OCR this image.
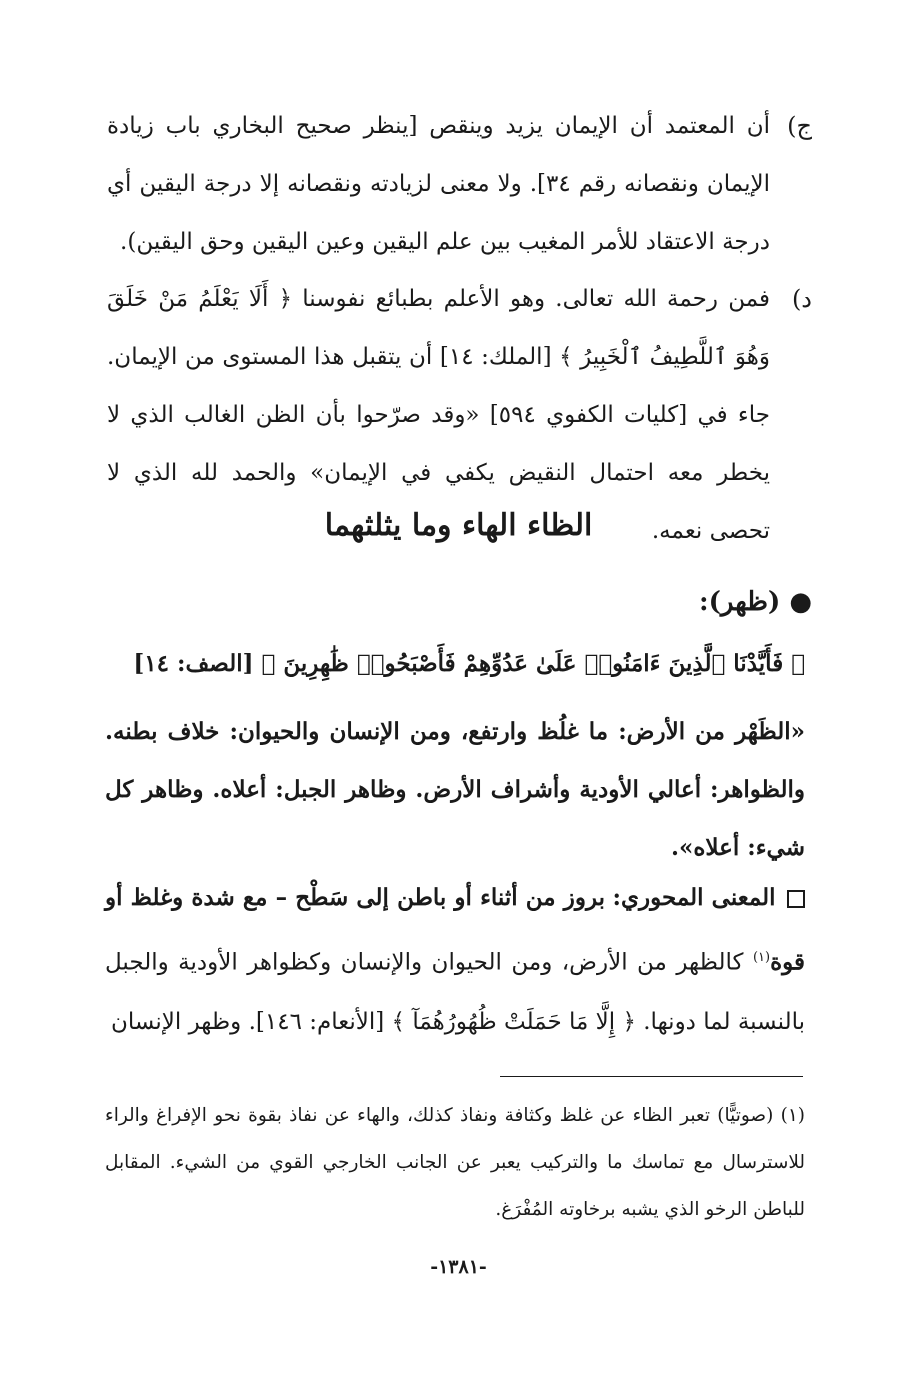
ج)
أن المعتمد أن الإيمان يزيد وينقص [ينظر صحيح البخاري باب زيادة الإيمان ونقصانه رقم ٣٤]. ولا معنى لزيادته ونقصانه إلا درجة اليقين أي درجة الاعتقاد للأمر المغيب بين علم اليقين وعين اليقين وحق اليقين).
د)
فمن رحمة الله تعالى. وهو الأعلم بطبائع نفوسنا ﴿ أَلَا يَعْلَمُ مَنْ خَلَقَ وَهُوَ ٱللَّطِيفُ ٱلْخَبِيرُ ﴾ [الملك: ١٤] أن يتقبل هذا المستوى من الإيمان. جاء في [كليات الكفوي ٥٩٤] «وقد صرّحوا بأن الظن الغالب الذي لا يخطر معه احتمال النقيض يكفي في الإيمان» والحمد لله الذي لا تحصى نعمه.
الظاء الهاء وما يثلثهما
● (ظهر):
﴿ فَأَيَّدْنَا ٱلَّذِينَ ءَامَنُوا۟ عَلَىٰ عَدُوِّهِمْ فَأَصْبَحُوا۟ ظَٰهِرِينَ ﴾ [الصف: ١٤]
«الظَهْر من الأرض: ما غلُظ وارتفع، ومن الإنسان والحيوان: خلاف بطنه. والظواهر: أعالي الأودية وأشراف الأرض. وظاهر الجبل: أعلاه. وظاهر كل شيء: أعلاه».
المعنى المحوري: بروز من أثناء أو باطن إلى سَطْح – مع شدة وغلظ أو قوة$^{(١)}$ كالظهر من الأرض، ومن الحيوان والإنسان وكظواهر الأودية والجبل بالنسبة لما دونها. ﴿ إِلَّا مَا حَمَلَتْ ظُهُورُهُمَآ ﴾ [الأنعام: ١٤٦]. وظهر الإنسان
(١) (صوتيًّا) تعبر الظاء عن غلظ وكثافة ونفاذ كذلك، والهاء عن نفاذ بقوة نحو الإفراغ والراء للاسترسال مع تماسك ما والتركيب يعبر عن الجانب الخارجي القوي من الشيء. المقابل للباطن الرخو الذي يشبه برخاوته المُفْرَغ.
-١٣٨١-
